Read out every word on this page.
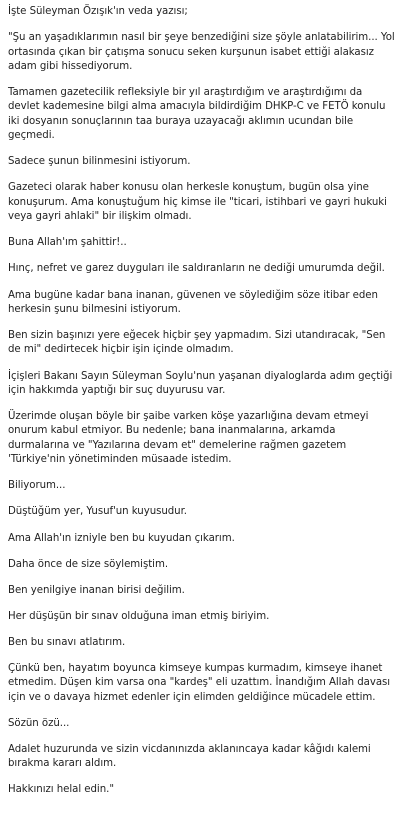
İşte Süleyman Özışık'ın veda yazısı;

"Şu an yaşadıklarımın nasıl bir şeye benzediğini size şöyle anlatabilirim... Yol ortasında çıkan bir çatışma sonucu seken kurşunun isabet ettiği alakasız adam gibi hissediyorum.

Tamamen gazetecilik refleksiyle bir yıl araştırdığım ve araştırdığımı da devlet kademesine bilgi alma amacıyla bildirdiğim DHKP-C ve FETÖ konulu iki dosyanın sonuçlarının taa buraya uzayacağı aklımın ucundan bile geçmedi.

Sadece şunun bilinmesini istiyorum.

Gazeteci olarak haber konusu olan herkesle konuştum, bugün olsa yine konuşurum. Ama konuştuğum hiç kimse ile "ticari, istihbari ve gayri hukuki veya gayri ahlaki" bir ilişkim olmadı.

Buna Allah'ım şahittir!..

Hınç, nefret ve garez duyguları ile saldıranların ne dediği umurumda değil.

Ama bugüne kadar bana inanan, güvenen ve söylediğim söze itibar eden herkesin şunu bilmesini istiyorum.

Ben sizin başınızı yere eğecek hiçbir şey yapmadım. Sizi utandıracak, "Sen de mi" dedirtecek hiçbir işin içinde olmadım.

İçişleri Bakanı Sayın Süleyman Soylu'nun yaşanan diyaloglarda adım geçtiği için hakkımda yaptığı bir suç duyurusu var.

Üzerimde oluşan böyle bir şaibe varken köşe yazarlığına devam etmeyi onurum kabul etmiyor. Bu nedenle; bana inanmalarına, arkamda durmalarına ve "Yazılarına devam et" demelerine rağmen gazetem 'Türkiye'nin yönetiminden müsaade istedim.

Biliyorum...

Düştüğüm yer, Yusuf'un kuyusudur.

Ama Allah'ın izniyle ben bu kuyudan çıkarım.

Daha önce de size söylemiştim.

Ben yenilgiye inanan birisi değilim.

Her düşüşün bir sınav olduğuna iman etmiş biriyim.

Ben bu sınavı atlatırım.

Çünkü ben, hayatım boyunca kimseye kumpas kurmadım, kimseye ihanet etmedim. Düşen kim varsa ona "kardeş" eli uzattım. İnandığım Allah davası için ve o davaya hizmet edenler için elimden geldiğince mücadele ettim.

Sözün özü...

Adalet huzurunda ve sizin vicdanınızda aklanıncaya kadar kâğıdı kalemi bırakma kararı aldım.

Hakkınızı helal edin."
